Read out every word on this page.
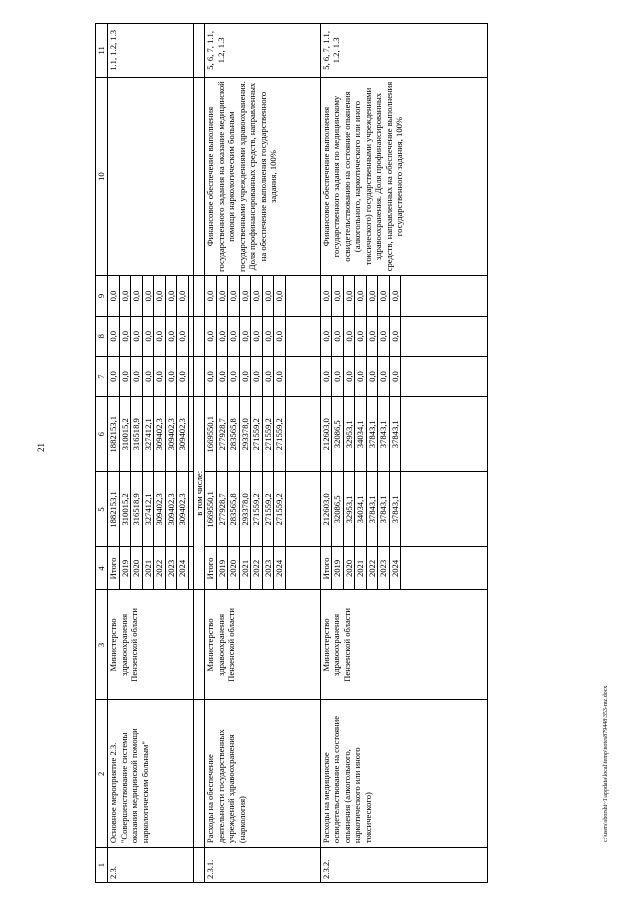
21
1	2	3	4	5	6	7	8	9	10	11
2.3.	Основное мероприятие 2.3. "Совершенствование системы оказания медицинской помощи наркологическим больным"	Министерство здравоохранения Пензенской области	Итого	1882153,1	1882153,1	0,0	0,0	0,0		1.1, 1.2, 1.3
			2019	310015,2	310015,2	0,0	0,0	0,0		
			2020	316518,9	316518,9	0,0	0,0	0,0		
			2021	327412,1	327412,1	0,0	0,0	0,0		
			2022	309402,3	309402,3	0,0	0,0	0,0		
			2023	309402,3	309402,3	0,0	0,0	0,0		
			2024	309402,3	309402,3	0,0	0,0	0,0		

			в том числе:							
2.3.1.	Расходы на обеспечение деятельности государственных учреждений здравоохранения (наркология)	Министерство здравоохранения Пензенской области	Итого	1669550,1	1669550,1	0,0	0,0	0,0	Финансовое обеспечение выполнения государственного задания на оказание медицинской помощи наркологическим больным государственными учреждениями здравоохранения. Доля профинансированных средств, направленных на обеспечение выполнения государственного задания, 100%	5, 6, 7, 1.1, 1.2, 1.3
			2019	277928,7	277928,7	0,0	0,0	0,0		
			2020	283565,8	283565,8	0,0	0,0	0,0		
			2021	293378,0	293378,0	0,0	0,0	0,0		
			2022	271559,2	271559,2	0,0	0,0	0,0		
			2023	271559,2	271559,2	0,0	0,0	0,0		
			2024	271559,2	271559,2	0,0	0,0	0,0		

2.3.2.	Расходы на медицинское освидетельствование на состояние опьянения (алкогольного, наркотического или иного токсического)	Министерство здравоохранения Пензенской области	Итого	212603,0	212603,0	0,0	0,0	0,0	Финансовое обеспечение выполнения государственного задания по медицинскому освидетельствованию на состояние опьянения (алкогольного, наркотического или иного токсического) государственными учреждениями здравоохранения. Доля профинансированных средств, направленных на обеспечение выполнения государственного задания, 100%	5, 6, 7, 1.1, 1.2, 1.3
			2019	32086,5	32086,5	0,0	0,0	0,0		
			2020	32953,1	32953,1	0,0	0,0	0,0		
			2021	34034,1	34034,1	0,0	0,0	0,0		
			2022	37843,1	37843,1	0,0	0,0	0,0		
			2023	37843,1	37843,1	0,0	0,0	0,0		
			2024	37843,1	37843,1	0,0	0,0	0,0		

c:\users\sborshi~1\appdata\local\temp\notes879448\353-mz.docx
